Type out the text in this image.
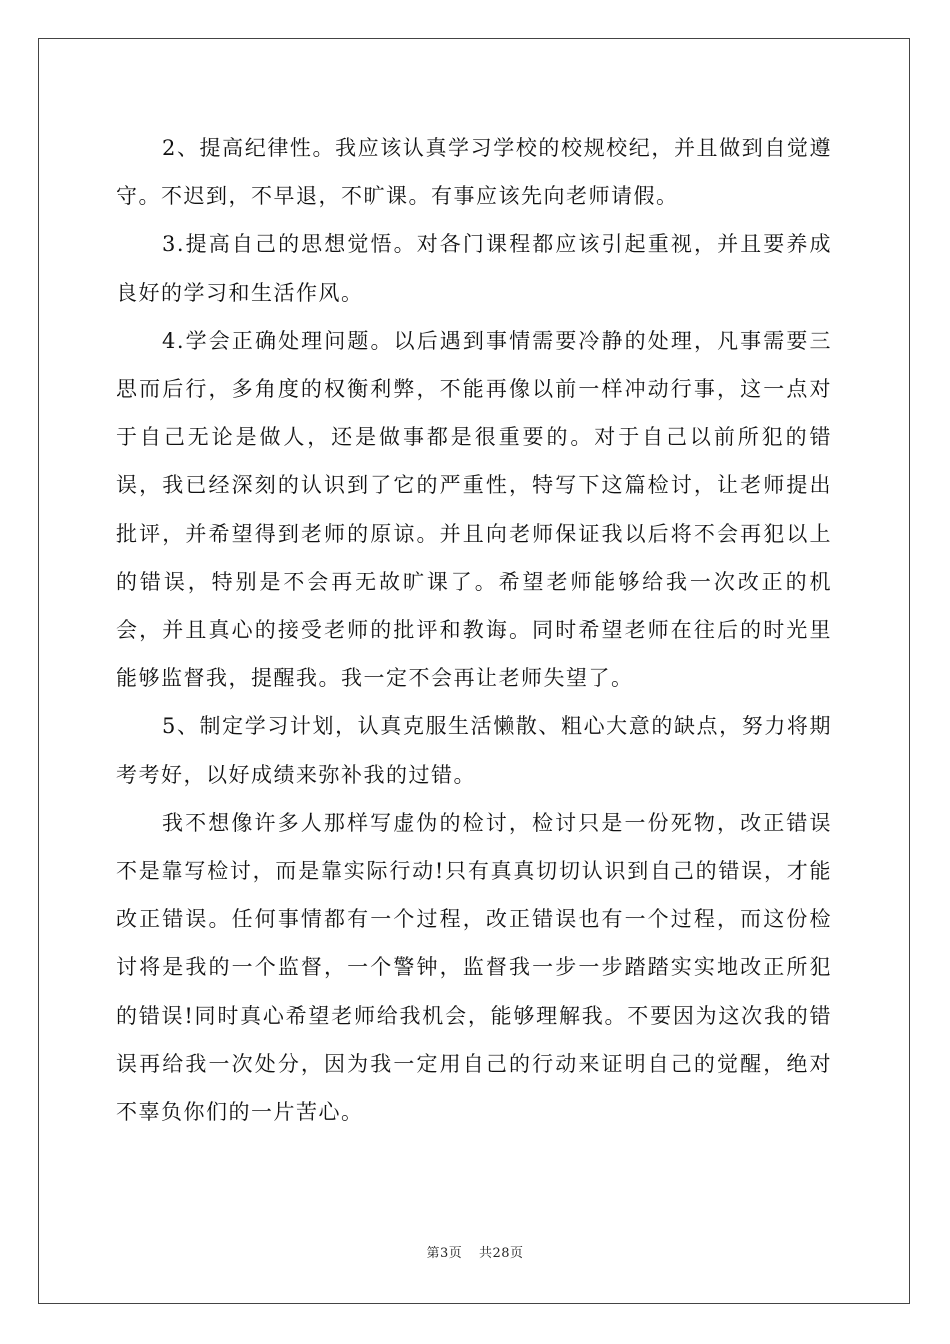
2、提高纪律性。我应该认真学习学校的校规校纪，并且做到自觉遵守。不迟到，不早退，不旷课。有事应该先向老师请假。

3.提高自己的思想觉悟。对各门课程都应该引起重视，并且要养成良好的学习和生活作风。

4.学会正确处理问题。以后遇到事情需要冷静的处理，凡事需要三思而后行，多角度的权衡利弊，不能再像以前一样冲动行事，这一点对于自己无论是做人，还是做事都是很重要的。对于自己以前所犯的错误，我已经深刻的认识到了它的严重性，特写下这篇检讨，让老师提出批评，并希望得到老师的原谅。并且向老师保证我以后将不会再犯以上的错误，特别是不会再无故旷课了。希望老师能够给我一次改正的机会，并且真心的接受老师的批评和教诲。同时希望老师在往后的时光里能够监督我，提醒我。我一定不会再让老师失望了。

5、制定学习计划，认真克服生活懒散、粗心大意的缺点，努力将期考考好，以好成绩来弥补我的过错。

我不想像许多人那样写虚伪的检讨，检讨只是一份死物，改正错误不是靠写检讨，而是靠实际行动!只有真真切切认识到自己的错误，才能改正错误。任何事情都有一个过程，改正错误也有一个过程，而这份检讨将是我的一个监督，一个警钟，监督我一步一步踏踏实实地改正所犯的错误!同时真心希望老师给我机会，能够理解我。不要因为这次我的错误再给我一次处分，因为我一定用自己的行动来证明自己的觉醒，绝对不辜负你们的一片苦心。

第3页 共28页
